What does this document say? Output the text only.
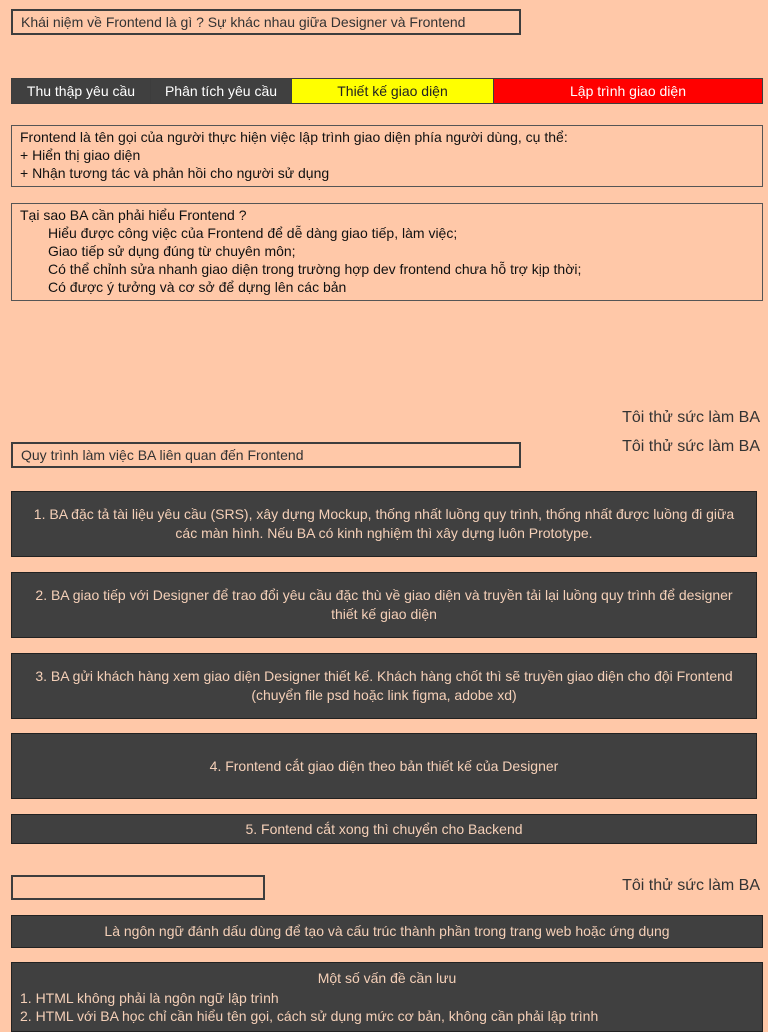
Khái niệm về Frontend là gì ? Sự khác nhau giữa Designer và Frontend
Thu thập yêu cầu	Phân tích yêu cầu	Thiết kế giao diện	Lập trình giao diện
Frontend là tên gọi của người thực hiện việc lập trình giao diện phía người dùng, cụ thể:
+ Hiển thị giao diện
+ Nhận tương tác và phản hồi cho người sử dụng
Tại sao BA cần phải hiểu Frontend ?
Hiểu được công việc của Frontend để dễ dàng giao tiếp, làm việc;
Giao tiếp sử dụng đúng từ chuyên môn;
Có thể chỉnh sửa nhanh giao diện trong trường hợp dev frontend chưa hỗ trợ kịp thời;
Có được ý tưởng và cơ sở để dựng lên các bản
Tôi thử sức làm BA
Tôi thử sức làm BA
Quy trình làm việc BA liên quan đến Frontend
1. BA đặc tả tài liệu yêu cầu (SRS), xây dựng Mockup, thống nhất luồng quy trình, thống nhất được luồng đi giữa các màn hình. Nếu BA có kinh nghiệm thì xây dựng luôn Prototype.
2. BA giao tiếp với Designer để trao đổi yêu cầu đặc thù về giao diện và truyền tải lại luồng quy trình để designer thiết kế giao diện
3. BA gửi khách hàng xem giao diện Designer thiết kế. Khách hàng chốt thì sẽ truyền giao diện cho đội Frontend (chuyển file psd hoặc link figma, adobe xd)
4. Frontend cắt giao diện theo bản thiết kế của Designer
5. Fontend cắt xong thì chuyển cho Backend
Tôi thử sức làm BA
Là ngôn ngữ đánh dấu dùng để tạo và cấu trúc thành phần trong trang web hoặc ứng dụng
Một số vấn đề cần lưu
1. HTML không phải là ngôn ngữ lập trình
2. HTML với BA học chỉ cần hiểu tên gọi, cách sử dụng mức cơ bản, không cần phải lập trình
